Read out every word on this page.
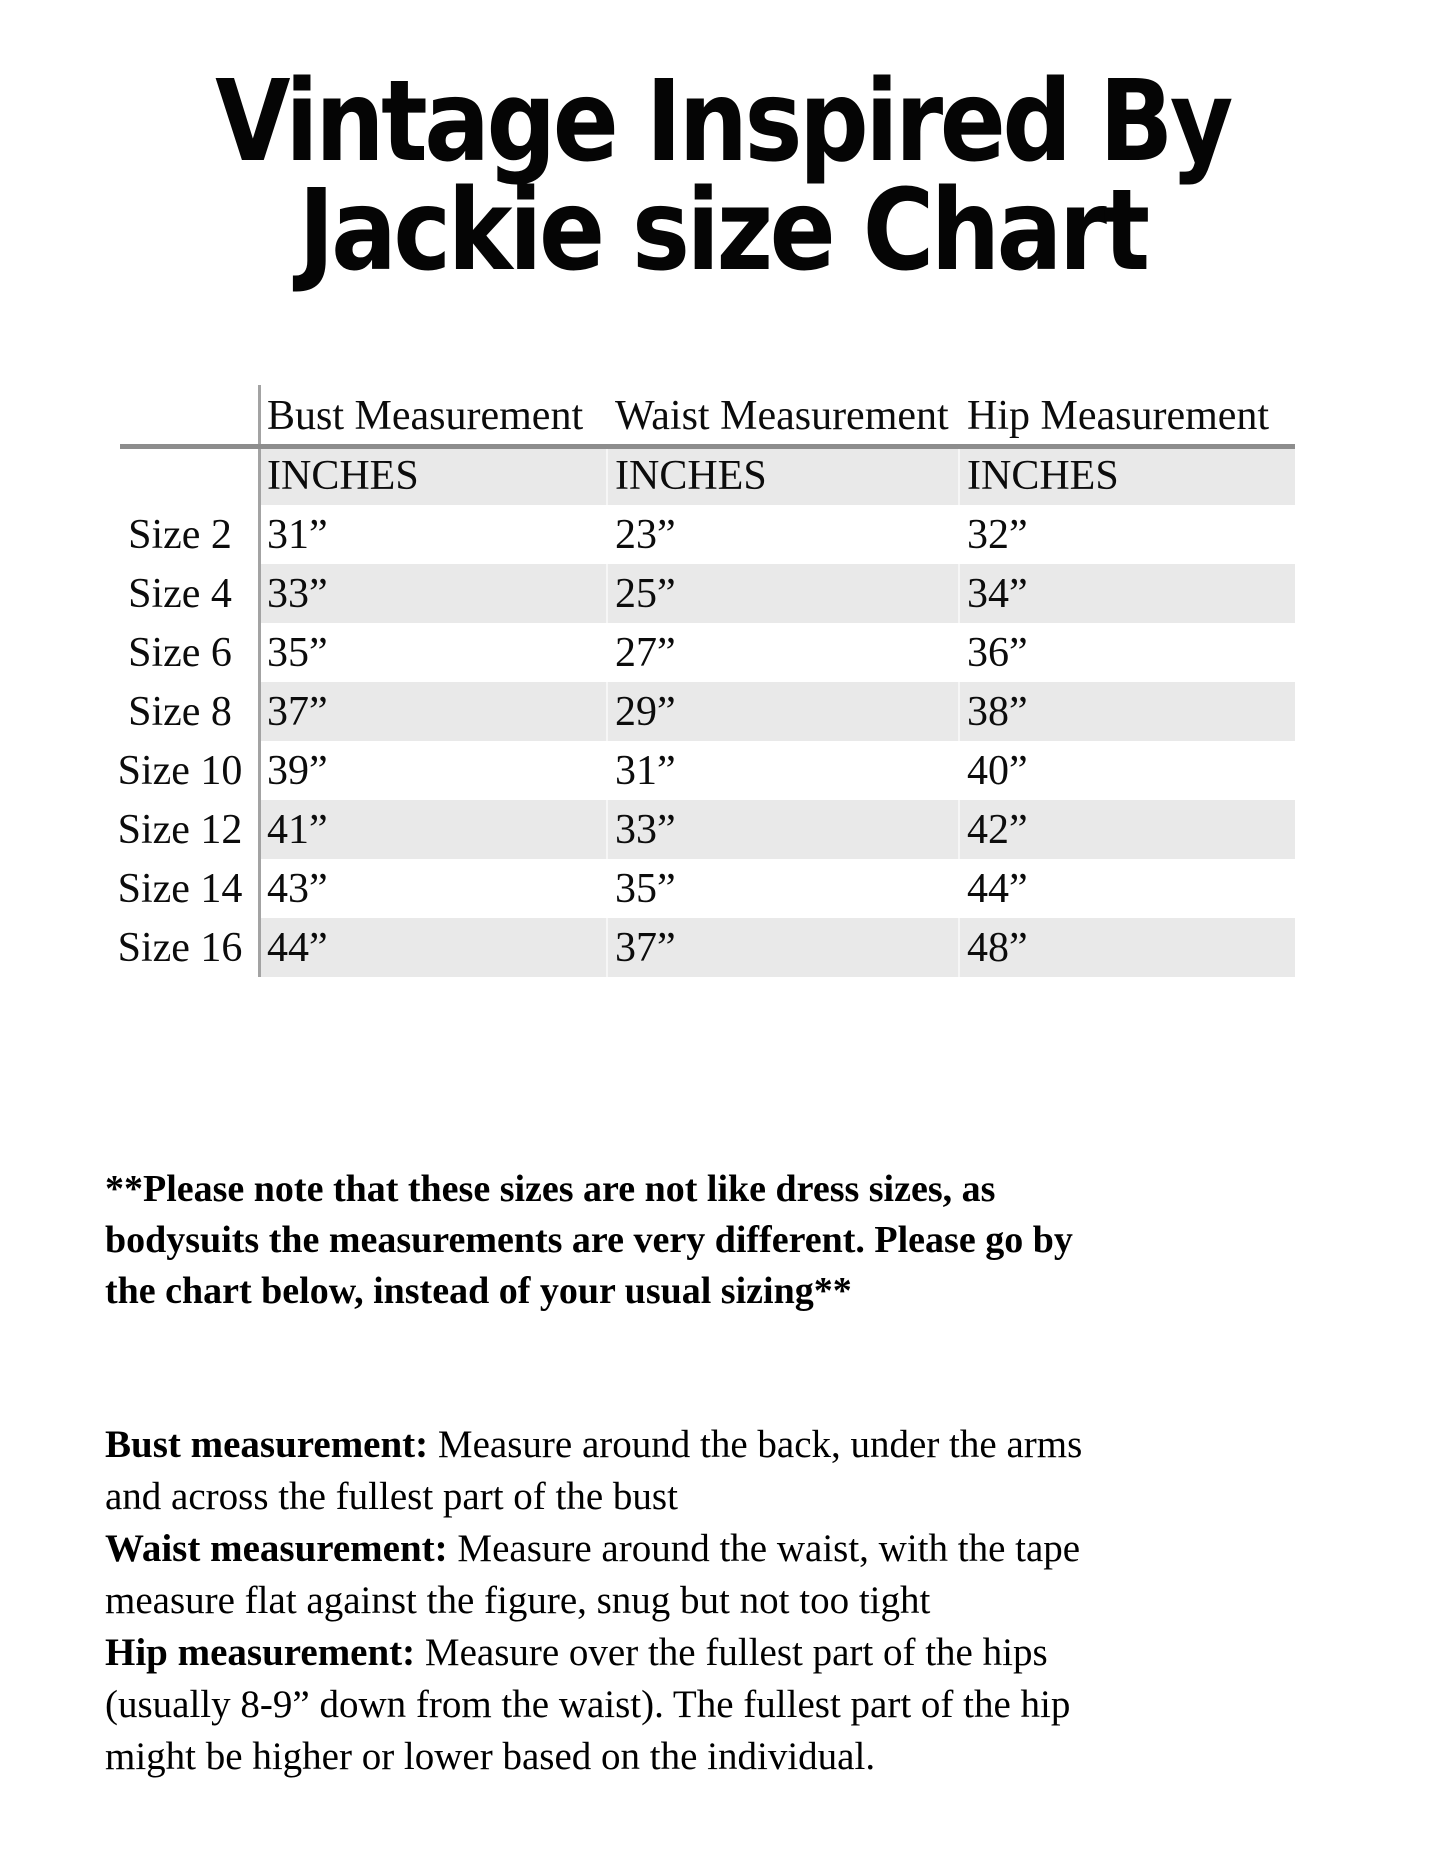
Vintage Inspired By
Jackie size Chart
Bust Measurement Waist Measurement Hip Measurement
INCHES	INCHES	INCHES
Size 2 31”	23”	32”
Size 4 33”	25”	34”
Size 6 35”	27”	36”
Size 8 37”	29”	38”
Size 10 39”	31”	40”
Size 12 41”	33”	42”
Size 14 43”	35”	44”
Size 16 44”	37”	48”
**Please note that these sizes are not like dress sizes, as
bodysuits the measurements are very different. Please go by
the chart below, instead of your usual sizing**
Bust measurement: Measure around the back, under the arms
and across the fullest part of the bust
Waist measurement: Measure around the waist, with the tape
measure flat against the figure, snug but not too tight
Hip measurement: Measure over the fullest part of the hips
(usually 8-9” down from the waist). The fullest part of the hip
might be higher or lower based on the individual.
